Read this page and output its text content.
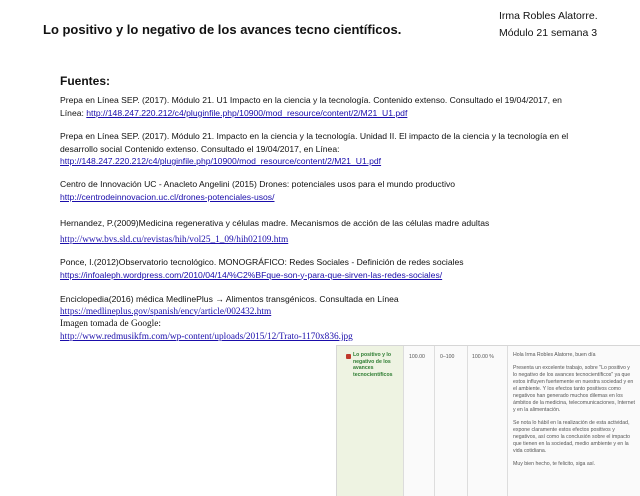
Lo positivo y lo negativo de los avances tecno científicos.
Irma Robles Alatorre.
Módulo 21 semana 3
Fuentes:
Prepa en Línea SEP. (2017). Módulo 21. U1 Impacto en la ciencia y la tecnología. Contenido extenso. Consultado el 19/04/2017, en
Línea: http://148.247.220.212/c4/pluginfile.php/10900/mod_resource/content/2/M21_U1.pdf
Prepa en Línea SEP. (2017). Módulo 21. Impacto en la ciencia y la tecnología. Unidad II. El impacto de la ciencia y la tecnología en el
desarrollo social Contenido extenso. Consultado el 19/04/2017, en Línea:
http://148.247.220.212/c4/pluginfile.php/10900/mod_resource/content/2/M21_U1.pdf
Centro de Innovación UC - Anacleto Angelini (2015) Drones: potenciales usos para el mundo productivo
http://centrodeinnovacion.uc.cl/drones-potenciales-usos/
Hernandez, P.(2009)Medicina regenerativa y células madre. Mecanismos de acción de las células madre adultas
http://www.bvs.sld.cu/revistas/hih/vol25_1_09/hih02109.htm
Ponce, I.(2012)Observatorio tecnológico. MONOGRÁFICO: Redes Sociales - Definición de redes sociales
https://infoaleph.wordpress.com/2010/04/14/%C2%BFque-son-y-para-que-sirven-las-redes-sociales/
Enciclopedia(2016) médica MedlinePlus → Alimentos transgénicos. Consultada en Línea
https://medlineplus.gov/spanish/ency/article/002432.htm
Imagen tomada de Google:
http://www.redmusikfm.com/wp-content/uploads/2015/12/Trato-1170x836.jpg
Lo positivo y lo negativo de los avances tecnocientíficos
100.00	0–100	100.00 %	Hola Irma Robles Alatorre, buen día

Presenta un excelente trabajo, sobre "Lo positivo y lo negativo de los avances tecnocientíficos" ya que estos influyen fuertemente en nuestra sociedad y en el ambiente. Y los efectos tanto positivos como negativos han generado muchos dilemas en los ámbitos de la medicina, telecomunicaciones, Internet y en la alimentación.

Se nota lo hábil en la realización de esta actividad, expone claramente estos efectos positivos y negativos, así como la conclusión sobre el impacto que tienen en la sociedad, medio ambiente y en la vida cotidiana.

Muy bien hecho, te felicito, siga así.
